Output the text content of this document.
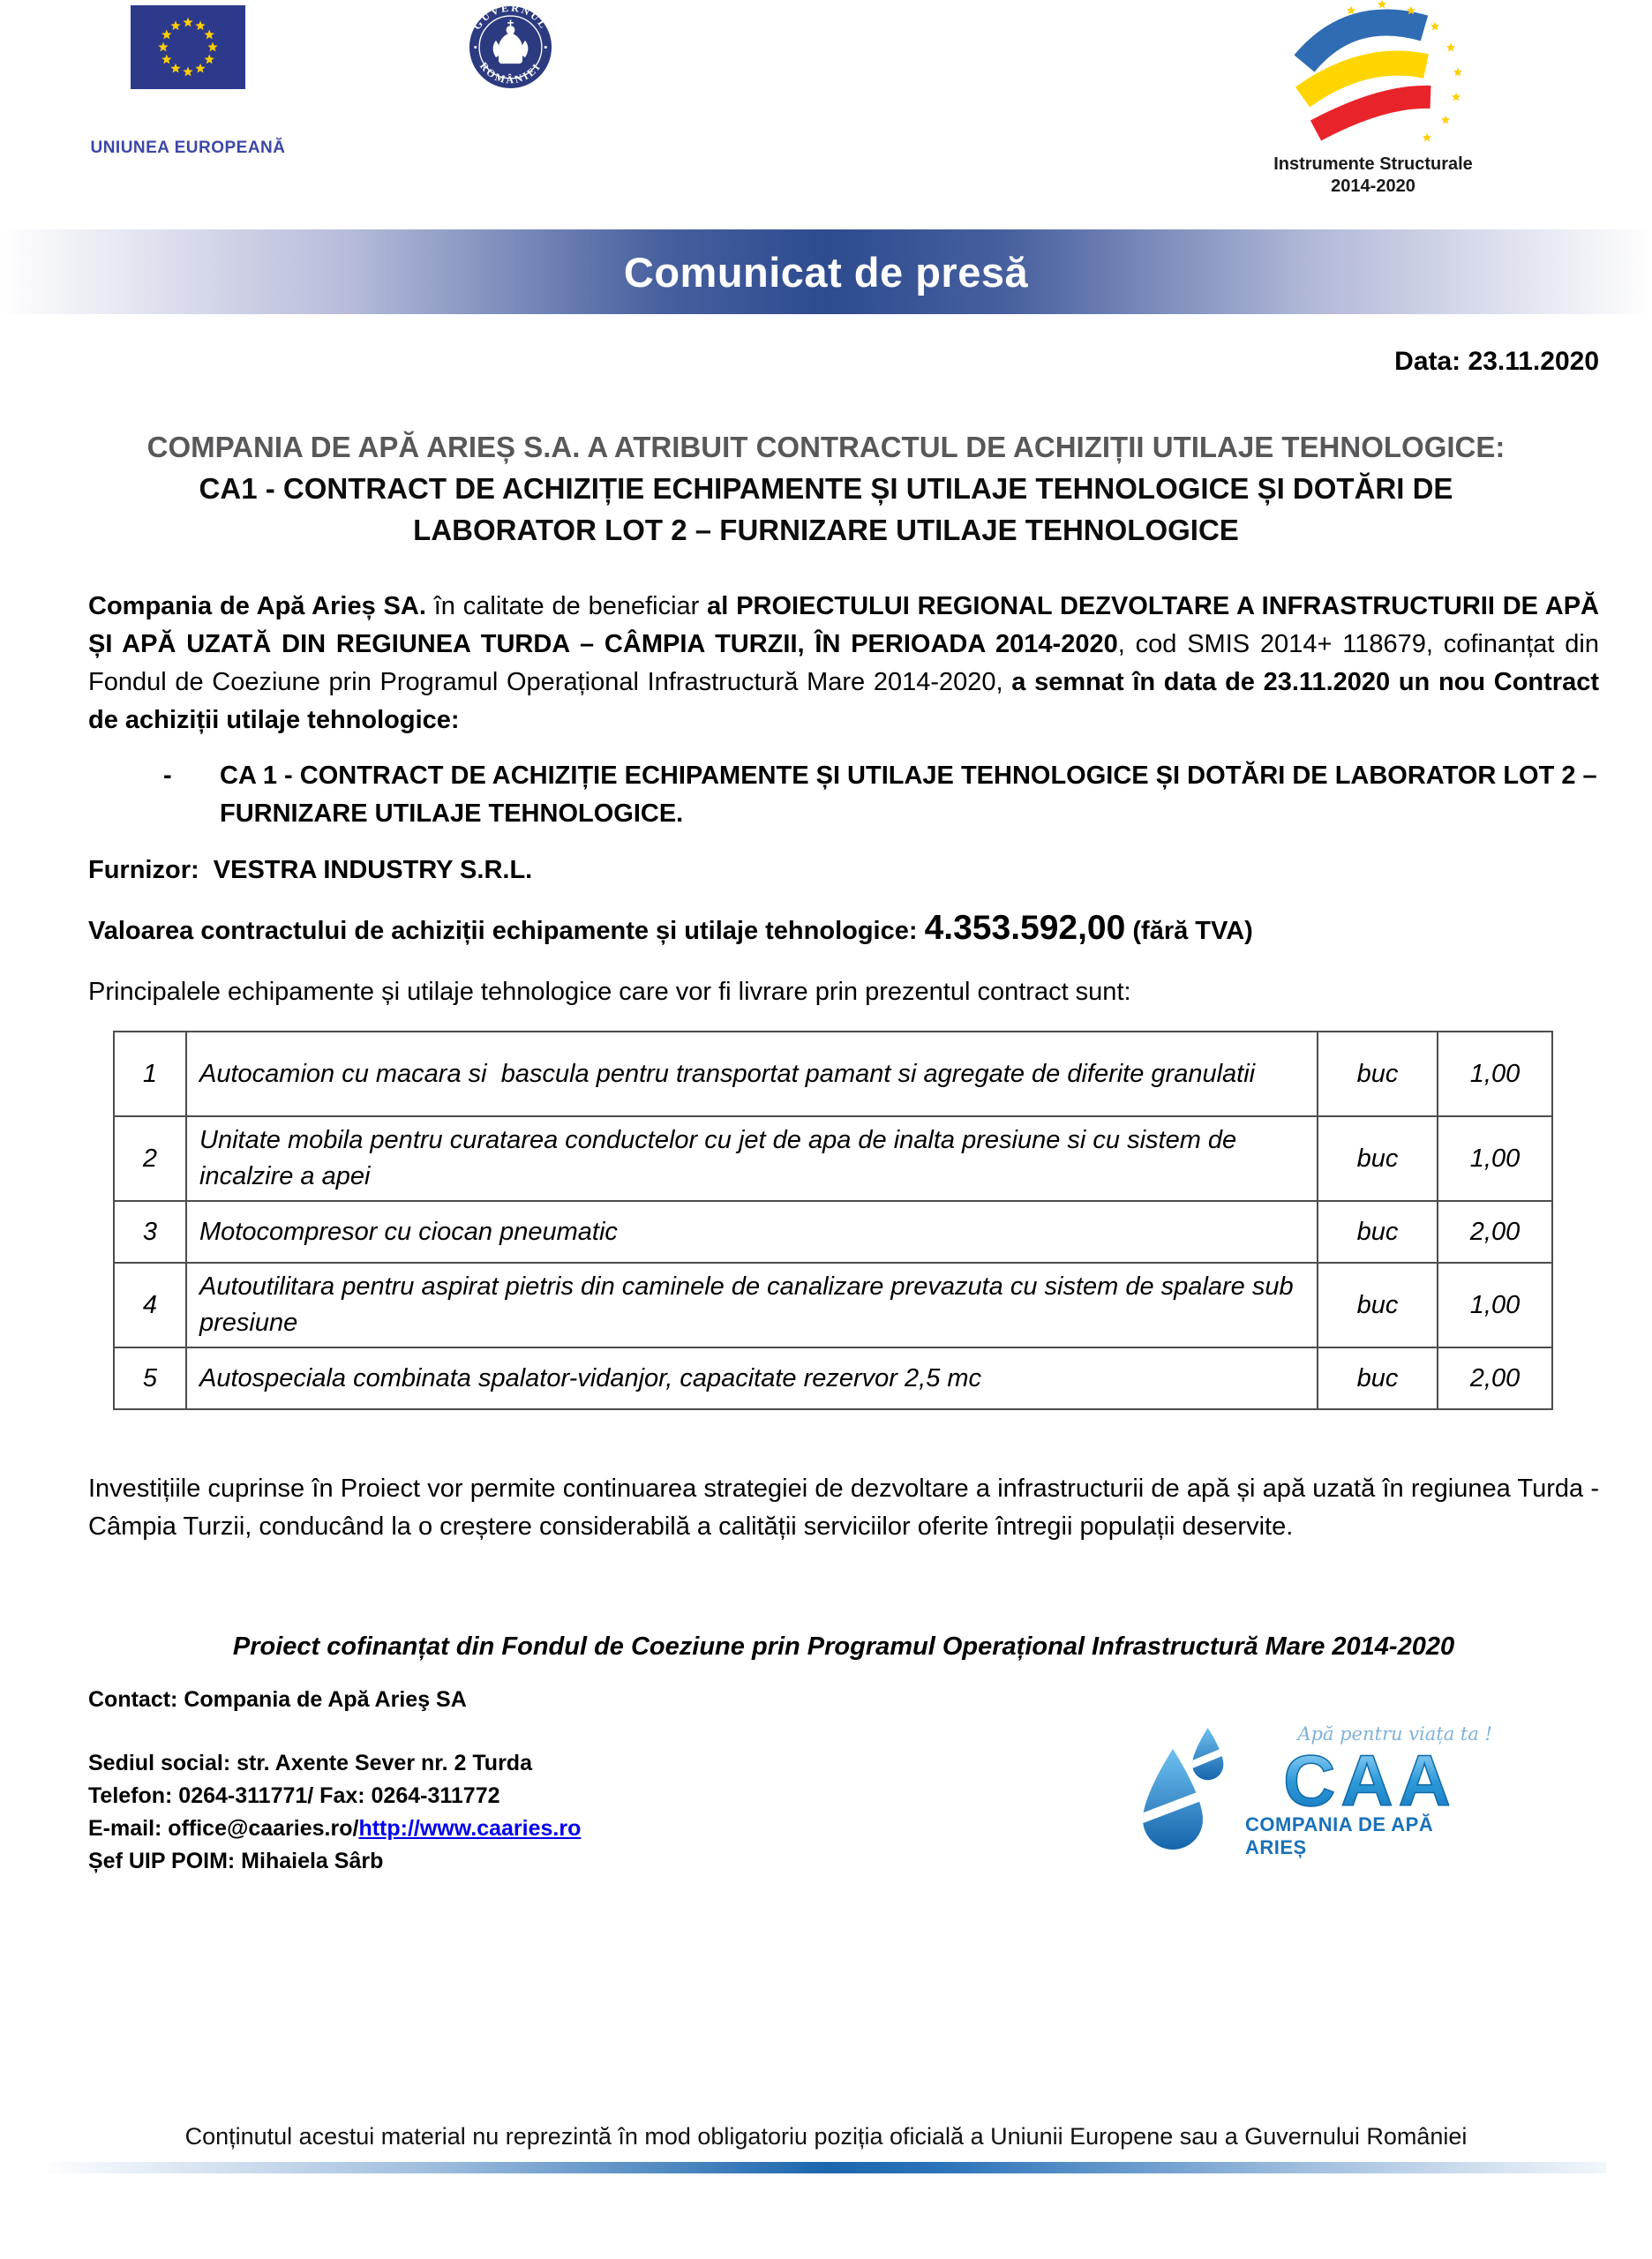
UNIUNEA EUROPEANĂ
GUVERNUL
ROMÂNIEI
Instrumente Structurale
2014-2020
Comunicat de presă
Data: 23.11.2020
COMPANIA DE APĂ ARIEȘ S.A. A ATRIBUIT CONTRACTUL DE ACHIZIȚII UTILAJE TEHNOLOGICE:
CA1 - CONTRACT DE ACHIZIȚIE ECHIPAMENTE ȘI UTILAJE TEHNOLOGICE ȘI DOTĂRI DE
LABORATOR LOT 2 – FURNIZARE UTILAJE TEHNOLOGICE
Compania de Apă Arieș SA. în calitate de beneficiar al PROIECTULUI REGIONAL DEZVOLTARE A INFRASTRUCTURII DE APĂ ȘI APĂ UZATĂ DIN REGIUNEA TURDA – CÂMPIA TURZII, ÎN PERIOADA 2014-2020, cod SMIS 2014+ 118679, cofinanțat din Fondul de Coeziune prin Programul Operațional Infrastructură Mare 2014-2020, a semnat în data de 23.11.2020 un nou Contract de achiziții utilaje tehnologice:
-	CA 1 - CONTRACT DE ACHIZIȚIE ECHIPAMENTE ȘI UTILAJE TEHNOLOGICE ȘI DOTĂRI DE LABORATOR LOT 2 – FURNIZARE UTILAJE TEHNOLOGICE.
Furnizor:  VESTRA INDUSTRY S.R.L.
Valoarea contractului de achiziții echipamente și utilaje tehnologice: 4.353.592,00 (fără TVA)
Principalele echipamente și utilaje tehnologice care vor fi livrare prin prezentul contract sunt:
1	Autocamion cu macara si  bascula pentru transportat pamant si agregate de diferite granulatii	buc	1,00
2	Unitate mobila pentru curatarea conductelor cu jet de apa de inalta presiune si cu sistem de incalzire a apei	buc	1,00
3	Motocompresor cu ciocan pneumatic	buc	2,00
4	Autoutilitara pentru aspirat pietris din caminele de canalizare prevazuta cu sistem de spalare sub presiune	buc	1,00
5	Autospeciala combinata spalator-vidanjor, capacitate rezervor 2,5 mc	buc	2,00
Investițiile cuprinse în Proiect vor permite continuarea strategiei de dezvoltare a infrastructurii de apă și apă uzată în regiunea Turda - Câmpia Turzii, conducând la o creștere considerabilă a calității serviciilor oferite întregii populații deservite.
Proiect cofinanțat din Fondul de Coeziune prin Programul Operațional Infrastructură Mare 2014-2020
Contact: Compania de Apă Arieş SA
Sediul social: str. Axente Sever nr. 2 Turda
Telefon: 0264-311771/ Fax: 0264-311772
E-mail: office@caaries.ro/http://www.caaries.ro
Șef UIP POIM: Mihaiela Sârb
Apă pentru viața ta !
CAA
COMPANIA DE APĂ ARIEȘ
Conținutul acestui material nu reprezintă în mod obligatoriu poziția oficială a Uniunii Europene sau a Guvernului României
